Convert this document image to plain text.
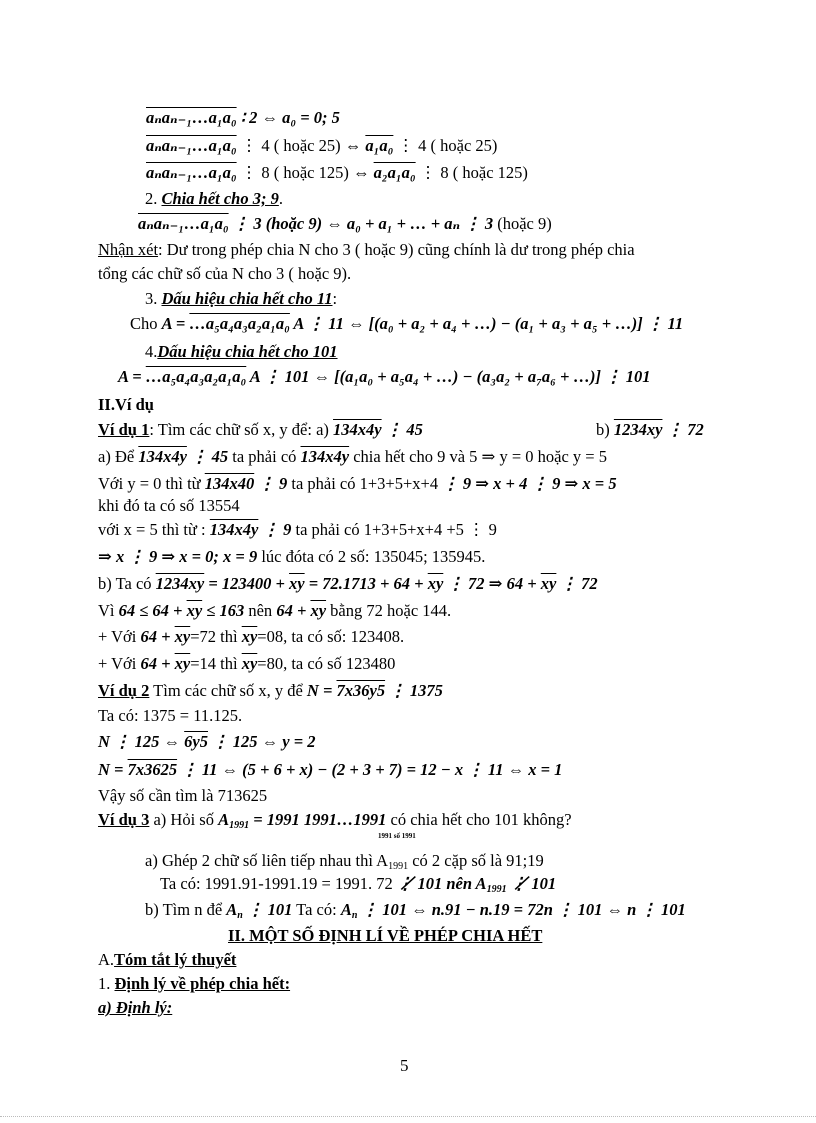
aₙaₙ₋₁…a₁a₀ ∶ 2 ⇔ a₀ = 0; 5
aₙaₙ₋₁…a₁a₀ ⋮ 4 ( hoặc 25) ⇔ a₁a₀ ⋮ 4 ( hoặc 25)
aₙaₙ₋₁…a₁a₀ ⋮ 8 ( hoặc 125) ⇔ a₂a₁a₀ ⋮ 8 ( hoặc 125)
2. Chia hết cho 3; 9.
aₙaₙ₋₁…a₁a₀ ⋮ 3 (hoặc 9) ⇔ a₀ + a₁ + … + aₙ ⋮ 3 (hoặc 9)
Nhận xét: Dư trong phép chia N cho 3 ( hoặc 9) cũng chính là dư trong phép chia
tổng các chữ số của N cho 3 ( hoặc 9).
3. Dấu hiệu chia hết cho 11:
Cho A = …a₅a₄a₃a₂a₁a₀ A ⋮ 11 ⇔ [(a₀ + a₂ + a₄ + …) − (a₁ + a₃ + a₅ + …)] ⋮ 11
4.Dấu hiệu chia hết cho 101
A = …a₅a₄a₃a₂a₁a₀ A ⋮ 101 ⇔ [(a₁a₀ + a₅a₄ + …) − (a₃a₂ + a₇a₆ + …)] ⋮ 101
II.Ví dụ
Ví dụ 1: Tìm các chữ số x, y để: a) 134x4y ⋮ 45	b) 1234xy ⋮ 72
a) Để 134x4y ⋮ 45 ta phải có 134x4y chia hết cho 9 và 5 ⇒ y = 0 hoặc y = 5
Với y = 0 thì từ 134x40 ⋮ 9 ta phải có 1+3+5+x+4 ⋮ 9 ⇒ x + 4 ⋮ 9 ⇒ x = 5
khi đó ta có số 13554
với x = 5 thì từ : 134x4y ⋮ 9 ta phải có 1+3+5+x+4 +5 ⋮ 9
⇒ x ⋮ 9 ⇒ x = 0; x = 9 lúc đóta có 2 số: 135045; 135945.
b) Ta có $1234xy = 123400 + \overline{xy} = 72.1713 + 64 + \overline{xy}$ ⋮ 72 ⇒ $64 + \overline{xy}$ ⋮ 72
Vì $64 \le 64 + \overline{xy} \le 163$ nên $64 + \overline{xy}$ bằng 72 hoặc 144.
+ Với $64 + \overline{xy}=72$ thì $\overline{xy}=08$, ta có số: 123408.
+ Với $64 + \overline{xy}=14$ thì $\overline{xy}=80$, ta có số 123480
Ví dụ 2 Tìm các chữ số x, y để N = 7x36y5 ⋮ 1375
Ta có: 1375 = 11.125.
N ⋮ 125 ⇔ 6y5 ⋮ 125 ⇔ y = 2
N = 7x3625 ⋮ 11 ⇔ (5 + 6 + x) − (2 + 3 + 7) = 12 − x ⋮ 11 ⇔ x = 1
Vậy số cần tìm là 713625
Ví dụ 3 a) Hỏi số $A_{1991} = 1991$ 1991…1991 có chia hết cho 101 không?
1991 số 1991
a) Ghép 2 chữ số liên tiếp nhau thì $A_{1991}$ có 2 cặp số là 91;19
Ta có: 1991.91-1991.19 = 1991. 72 ⋮̸ 101 nên $A_{1991}$ ⋮̸ 101
b) Tìm n để $A_n$ ⋮ 101 Ta có: $A_n$ ⋮ 101 ⇔ n.91 − n.19 = 72n ⋮ 101 ⇔ n ⋮ 101
II. MỘT SỐ ĐỊNH LÍ VỀ PHÉP CHIA HẾT
A.Tóm tắt lý thuyết
1. Định lý về phép chia hết:
a) Định lý:
5
